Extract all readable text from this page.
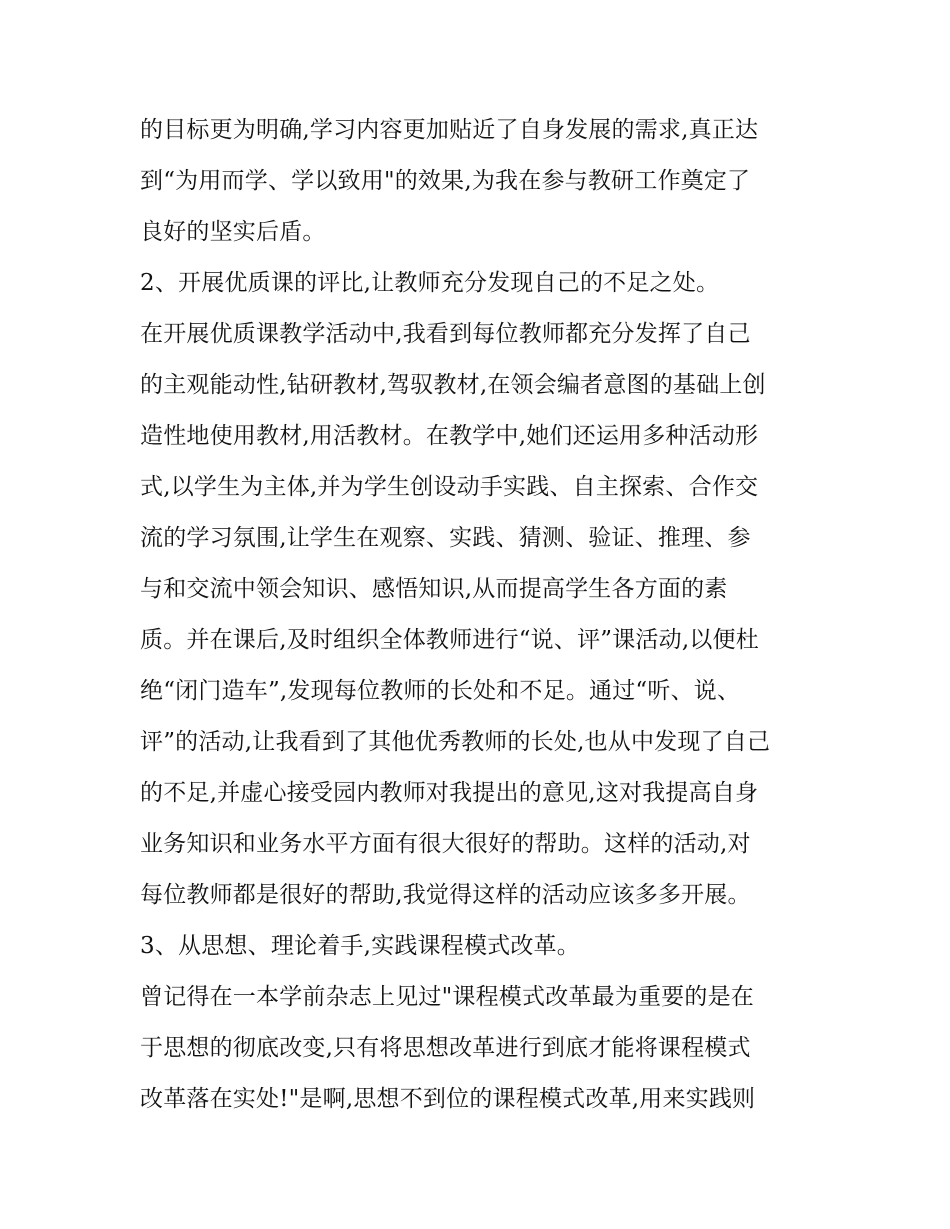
的目标更为明确,学习内容更加贴近了自身发展的需求,真正达
到“为用而学、学以致用"的效果,为我在参与教研工作奠定了
良好的坚实后盾。
2、开展优质课的评比,让教师充分发现自己的不足之处。
在开展优质课教学活动中,我看到每位教师都充分发挥了自己
的主观能动性,钻研教材,驾驭教材,在领会编者意图的基础上创
造性地使用教材,用活教材。在教学中,她们还运用多种活动形
式,以学生为主体,并为学生创设动手实践、自主探索、合作交
流的学习氛围,让学生在观察、实践、猜测、验证、推理、参
与和交流中领会知识、感悟知识,从而提高学生各方面的素
质。并在课后,及时组织全体教师进行“说、评”课活动,以便杜
绝“闭门造车”,发现每位教师的长处和不足。通过“听、说、
评”的活动,让我看到了其他优秀教师的长处,也从中发现了自己
的不足,并虚心接受园内教师对我提出的意见,这对我提高自身
业务知识和业务水平方面有很大很好的帮助。这样的活动,对
每位教师都是很好的帮助,我觉得这样的活动应该多多开展。
3、从思想、理论着手,实践课程模式改革。
曾记得在一本学前杂志上见过"课程模式改革最为重要的是在
于思想的彻底改变,只有将思想改革进行到底才能将课程模式
改革落在实处!"是啊,思想不到位的课程模式改革,用来实践则
